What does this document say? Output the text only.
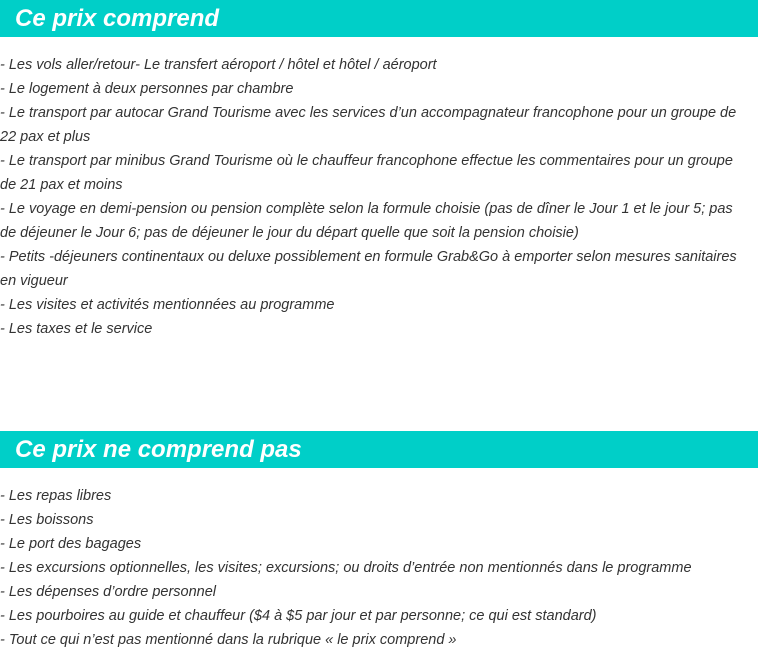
Ce prix comprend
- Les vols aller/retour- Le transfert aéroport / hôtel et hôtel / aéroport
- Le logement à deux personnes par chambre
- Le transport par autocar Grand Tourisme avec les services d’un accompagnateur francophone pour un groupe de 22 pax et plus
- Le transport par minibus Grand Tourisme où le chauffeur francophone effectue les commentaires pour un groupe de 21 pax et moins
- Le voyage en demi-pension ou pension complète selon la formule choisie (pas de dîner le Jour 1 et le jour 5; pas de déjeuner le Jour 6; pas de déjeuner le jour du départ quelle que soit la pension choisie)
- Petits -déjeuners continentaux ou deluxe possiblement en formule Grab&Go à emporter selon mesures sanitaires en vigueur
- Les visites et activités mentionnées au programme
- Les taxes et le service
Ce prix ne comprend pas
- Les repas libres
- Les boissons
- Le port des bagages
- Les excursions optionnelles, les visites; excursions; ou droits d’entrée non mentionnés dans le programme
- Les dépenses d’ordre personnel
- Les pourboires au guide et chauffeur ($4 à $5 par jour et par personne; ce qui est standard)
- Tout ce qui n’est pas mentionné dans la rubrique « le prix comprend »
